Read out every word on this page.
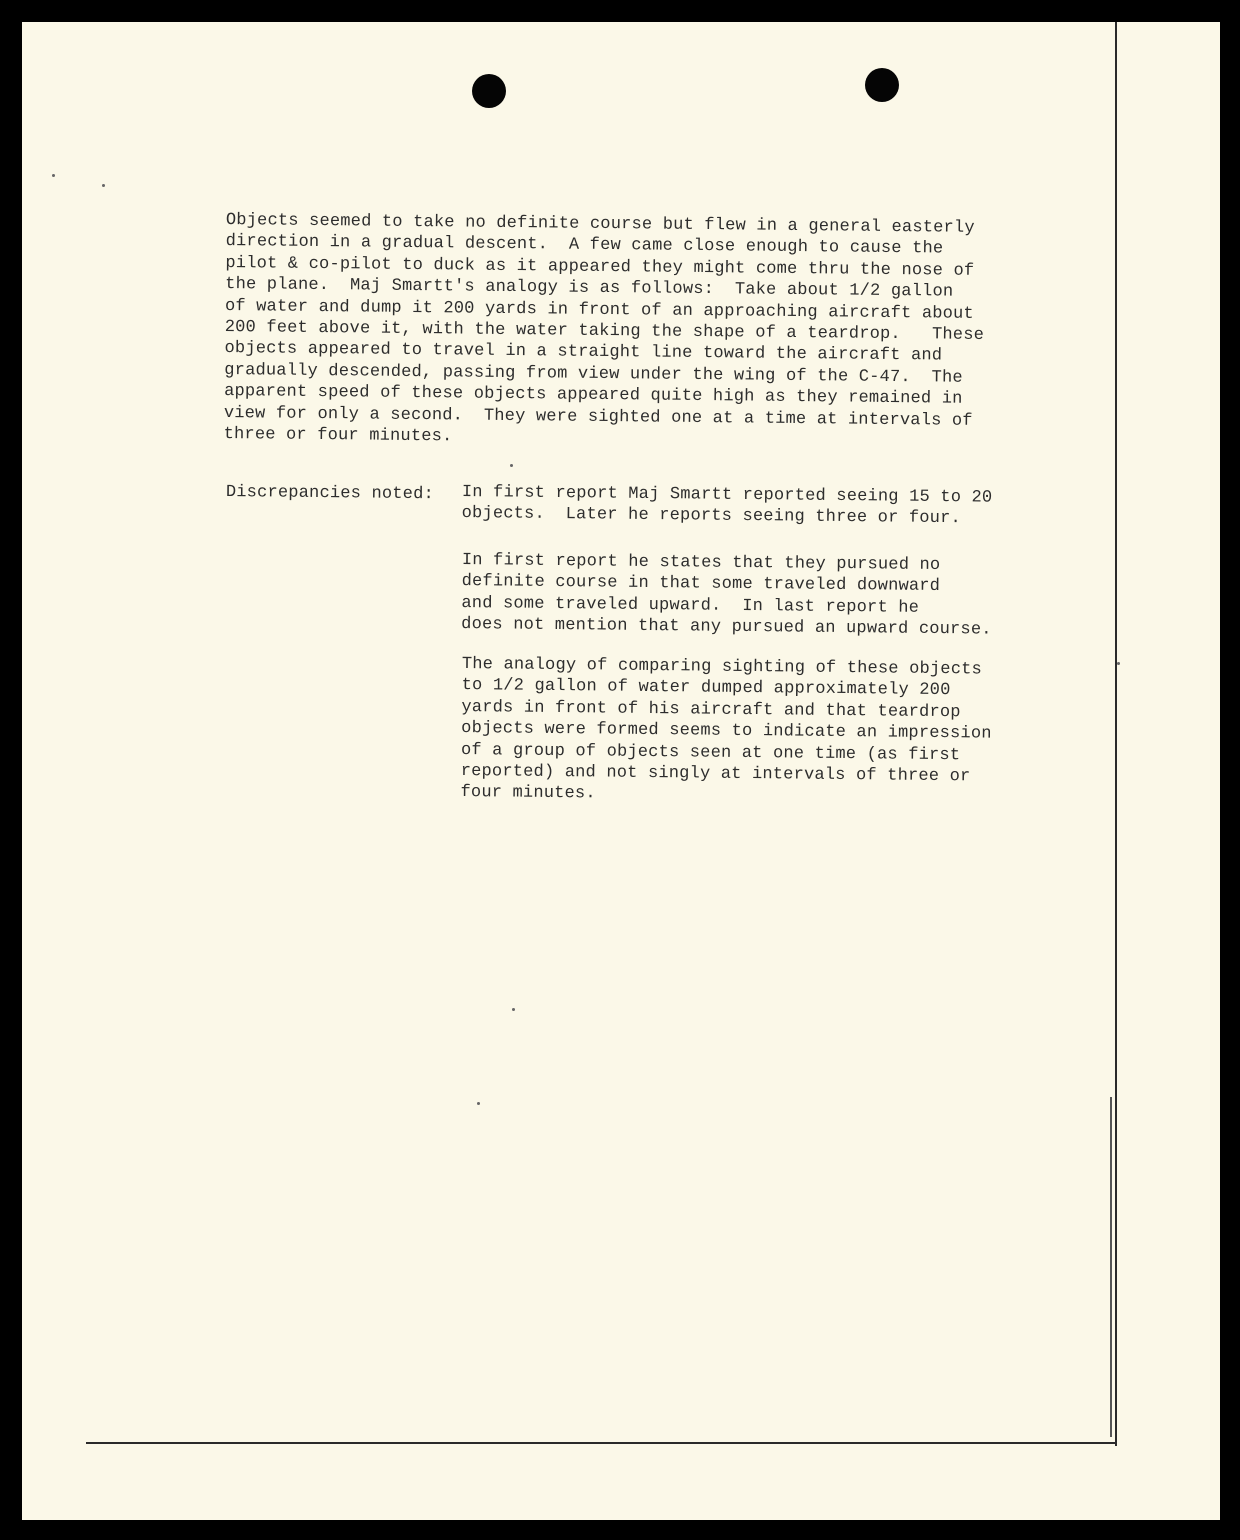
Objects seemed to take no definite course but flew in a general easterly

direction in a gradual descent.  A few came close enough to cause the

pilot & co-pilot to duck as it appeared they might come thru the nose of

the plane.  Maj Smartt's analogy is as follows:  Take about 1/2 gallon

of water and dump it 200 yards in front of an approaching aircraft about

200 feet above it, with the water taking the shape of a teardrop.   These

objects appeared to travel in a straight line toward the aircraft and

gradually descended, passing from view under the wing of the C-47.  The

apparent speed of these objects appeared quite high as they remained in

view for only a second.  They were sighted one at a time at intervals of

three or four minutes.

Discrepancies noted: In first report Maj Smartt reported seeing 15 to 20

objects.  Later he reports seeing three or four.

In first report he states that they pursued no

definite course in that some traveled downward

and some traveled upward.  In last report he

does not mention that any pursued an upward course.

The analogy of comparing sighting of these objects

to 1/2 gallon of water dumped approximately 200

yards in front of his aircraft and that teardrop

objects were formed seems to indicate an impression

of a group of objects seen at one time (as first

reported) and not singly at intervals of three or

four minutes.
